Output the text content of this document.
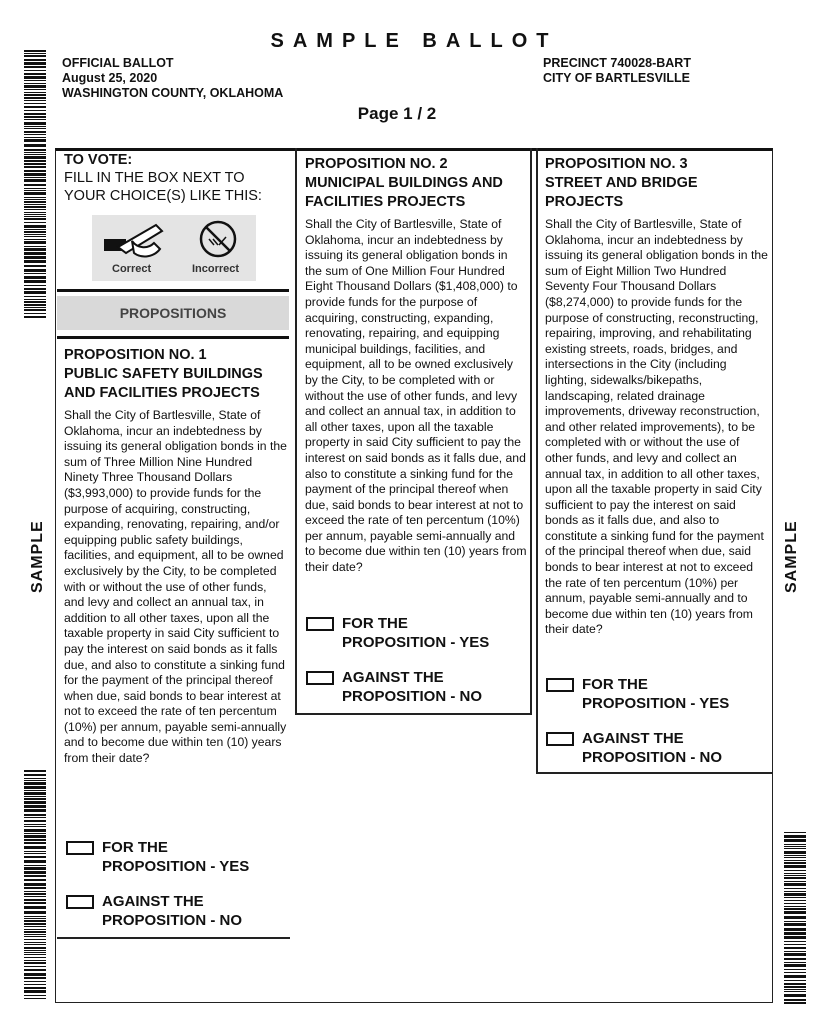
SAMPLE BALLOT
OFFICIAL BALLOT
August 25, 2020
WASHINGTON COUNTY, OKLAHOMA
PRECINCT 740028-BART
CITY OF BARTLESVILLE
Page 1 / 2
SAMPLE	SAMPLE
TO VOTE:
FILL IN THE BOX NEXT TO YOUR CHOICE(S) LIKE THIS:
Correct	Incorrect
PROPOSITIONS
PROPOSITION NO. 1
PUBLIC SAFETY BUILDINGS AND FACILITIES PROJECTS
Shall the City of Bartlesville, State of Oklahoma, incur an indebtedness by issuing its general obligation bonds in the sum of Three Million Nine Hundred Ninety Three Thousand Dollars ($3,993,000) to provide funds for the purpose of acquiring, constructing, expanding, renovating, repairing, and/or equipping public safety buildings, facilities, and equipment, all to be owned exclusively by the City, to be completed with or without the use of other funds, and levy and collect an annual tax, in addition to all other taxes, upon all the taxable property in said City sufficient to pay the interest on said bonds as it falls due, and also to constitute a sinking fund for the payment of the principal thereof when due, said bonds to bear interest at not to exceed the rate of ten percentum (10%) per annum, payable semi-annually and to become due within ten (10) years from their date?
FOR THE
PROPOSITION - YES
AGAINST THE
PROPOSITION - NO
PROPOSITION NO. 2
MUNICIPAL BUILDINGS AND FACILITIES PROJECTS
Shall the City of Bartlesville, State of Oklahoma, incur an indebtedness by issuing its general obligation bonds in the sum of One Million Four Hundred Eight Thousand Dollars ($1,408,000) to provide funds for the purpose of acquiring, constructing, expanding, renovating, repairing, and equipping municipal buildings, facilities, and equipment, all to be owned exclusively by the City, to be completed with or without the use of other funds, and levy and collect an annual tax, in addition to all other taxes, upon all the taxable property in said City sufficient to pay the interest on said bonds as it falls due, and also to constitute a sinking fund for the payment of the principal thereof when due, said bonds to bear interest at not to exceed the rate of ten percentum (10%) per annum, payable semi-annually and to become due within ten (10) years from their date?
FOR THE
PROPOSITION - YES
AGAINST THE
PROPOSITION - NO
PROPOSITION NO. 3
STREET AND BRIDGE PROJECTS
Shall the City of Bartlesville, State of Oklahoma, incur an indebtedness by issuing its general obligation bonds in the sum of Eight Million Two Hundred Seventy Four Thousand Dollars ($8,274,000) to provide funds for the purpose of constructing, reconstructing, repairing, improving, and rehabilitating existing streets, roads, bridges, and intersections in the City (including lighting, sidewalks/bikepaths, landscaping, related drainage improvements, driveway reconstruction, and other related improvements), to be completed with or without the use of other funds, and levy and collect an annual tax, in addition to all other taxes, upon all the taxable property in said City sufficient to pay the interest on said bonds as it falls due, and also to constitute a sinking fund for the payment of the principal thereof when due, said bonds to bear interest at not to exceed the rate of ten percentum (10%) per annum, payable semi-annually and to become due within ten (10) years from their date?
FOR THE
PROPOSITION - YES
AGAINST THE
PROPOSITION - NO
